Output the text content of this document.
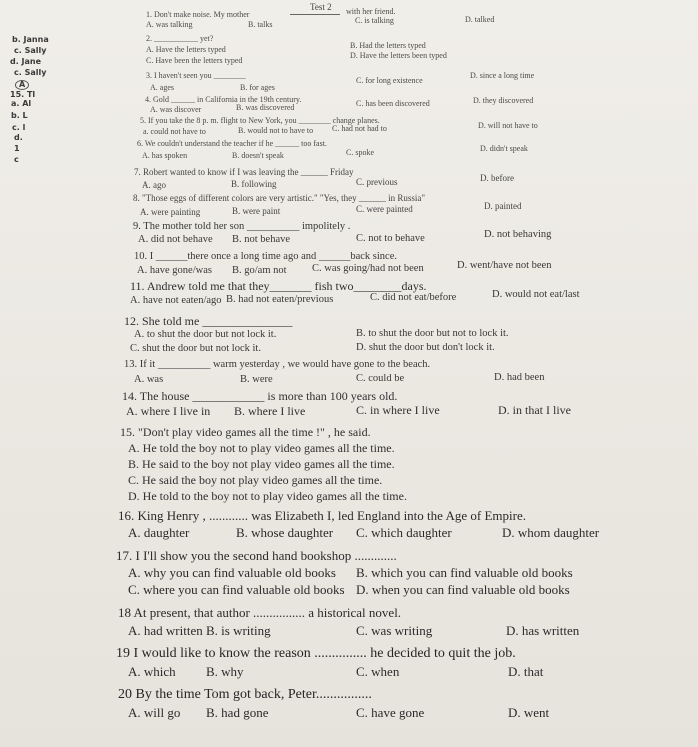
Test 2
b. Janna
c. Sally
d. Jane
c. Sally
A
15. Tl
a. Al
b. L
c. l
d.
1
c
1. Don't make noise. My mother	with her friend.
A. was talking	B. talks	C. is talking	D. talked
2. ___________ yet?
A. Have the letters typed	B. Had the letters typed
C. Have been the letters typed
D. Have the letters been typed
3. I haven't seen you ________
A. ages	B. for ages
C. for long existence
D. since a long time
4. Gold ______ in California in the 19th century.
A. was discover	B. was discovered	C. has been discovered	D. they discovered
5. If you take the 8 p. m. flight to New York, you ________ change planes.
a. could not have to	B. would not to have to C. had not had to	D. will not have to
6. We couldn't understand the teacher if he ______ too fast.
A. has spoken	B. doesn't speak	C. spoke	D. didn't speak
7. Robert wanted to know if I was leaving the ______ Friday
A. ago	B. following	C. previous	D. before
8. "Those eggs of different colors are very artistic." "Yes, they ______ in Russia"
A. were painting	B. were paint	C. were painted	D. painted
9. The mother told her son __________ impolitely .
A. did not behave B. not behave	C. not to behave	D. not behaving
10. I ______there once a long time ago and ______back since.
A. have gone/was B. go/am not C. was going/had not been	D. went/have not been
11. Andrew told me that they_______ fish two________days.
A. have not eaten/ago B. had not eaten/previous	C. did not eat/before	D. would not eat/last
12. She told me _______________
A. to shut the door but not lock it.	B. to shut the door but not to lock it.
C. shut the door but not lock it.	D. shut the door but don't lock it.
13. If it __________ warm yesterday , we would have gone to the beach.
A. was	B. were	C. could be	D. had been
14. The house ____________ is more than 100 years old.
A. where I live in B. where I live	C. in where I live	D. in that I live
15. "Don't play video games all the time !" , he said.
A. He told the boy not to play video games all the time.
B. He said to the boy not play video games all the time.
C. He said the boy not play video games all the time.
D. He told to the boy not to play video games all the time.
16. King Henry , ............ was Elizabeth I, led England into the Age of Empire.
A. daughter	B. whose daughter C. which daughter	D. whom daughter
17. I I'll show you the second hand bookshop .............
A. why you can find valuable old books B. which you can find valuable old books
C. where you can find valuable old books D. when you can find valuable old books
18 At present, that author ................ a historical novel.
A. had written B. is writing	C. was writing	D. has written
19 I would like to know the reason ............... he decided to quit the job.
A. which B. why	C. when	D. that
20 By the time Tom got back, Peter................
A. will go B. had gone	C. have gone	D. went
